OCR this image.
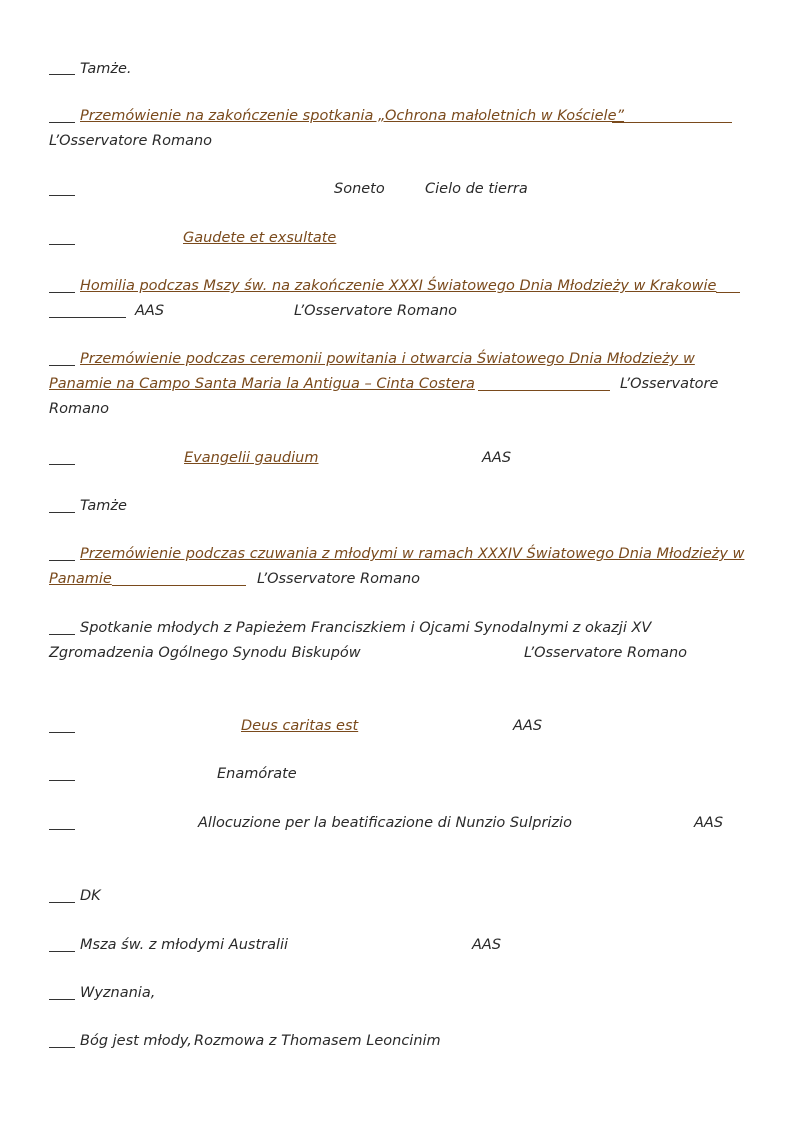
Tamże.
Przemówienie na zakończenie spotkania „Ochrona małoletnich w Kościele”
L’Osservatore Romano
Soneto	Cielo de tierra
Gaudete et exsultate
Homilia podczas Mszy św. na zakończenie XXXI Światowego Dnia Młodzieży w Krakowie
AAS	L’Osservatore Romano
Przemówienie podczas ceremonii powitania i otwarcia Światowego Dnia Młodzieży w
Panamie na Campo Santa Maria la Antigua – Cinta Costera	L’Osservatore
Romano
Evangelii gaudium	AAS
Tamże
Przemówienie podczas czuwania z młodymi w ramach XXXIV Światowego Dnia Młodzieży w
Panamie	L’Osservatore Romano
Spotkanie młodych z Papieżem Franciszkiem i Ojcami Synodalnymi z okazji XV
Zgromadzenia Ogólnego Synodu Biskupów	L’Osservatore Romano
Deus caritas est	AAS
Enamórate
Allocuzione per la beatificazione di Nunzio Sulprizio	AAS
DK
Msza św. z młodymi Australii	AAS
Wyznania,
Bóg jest młody, Rozmowa z Thomasem Leoncinim
